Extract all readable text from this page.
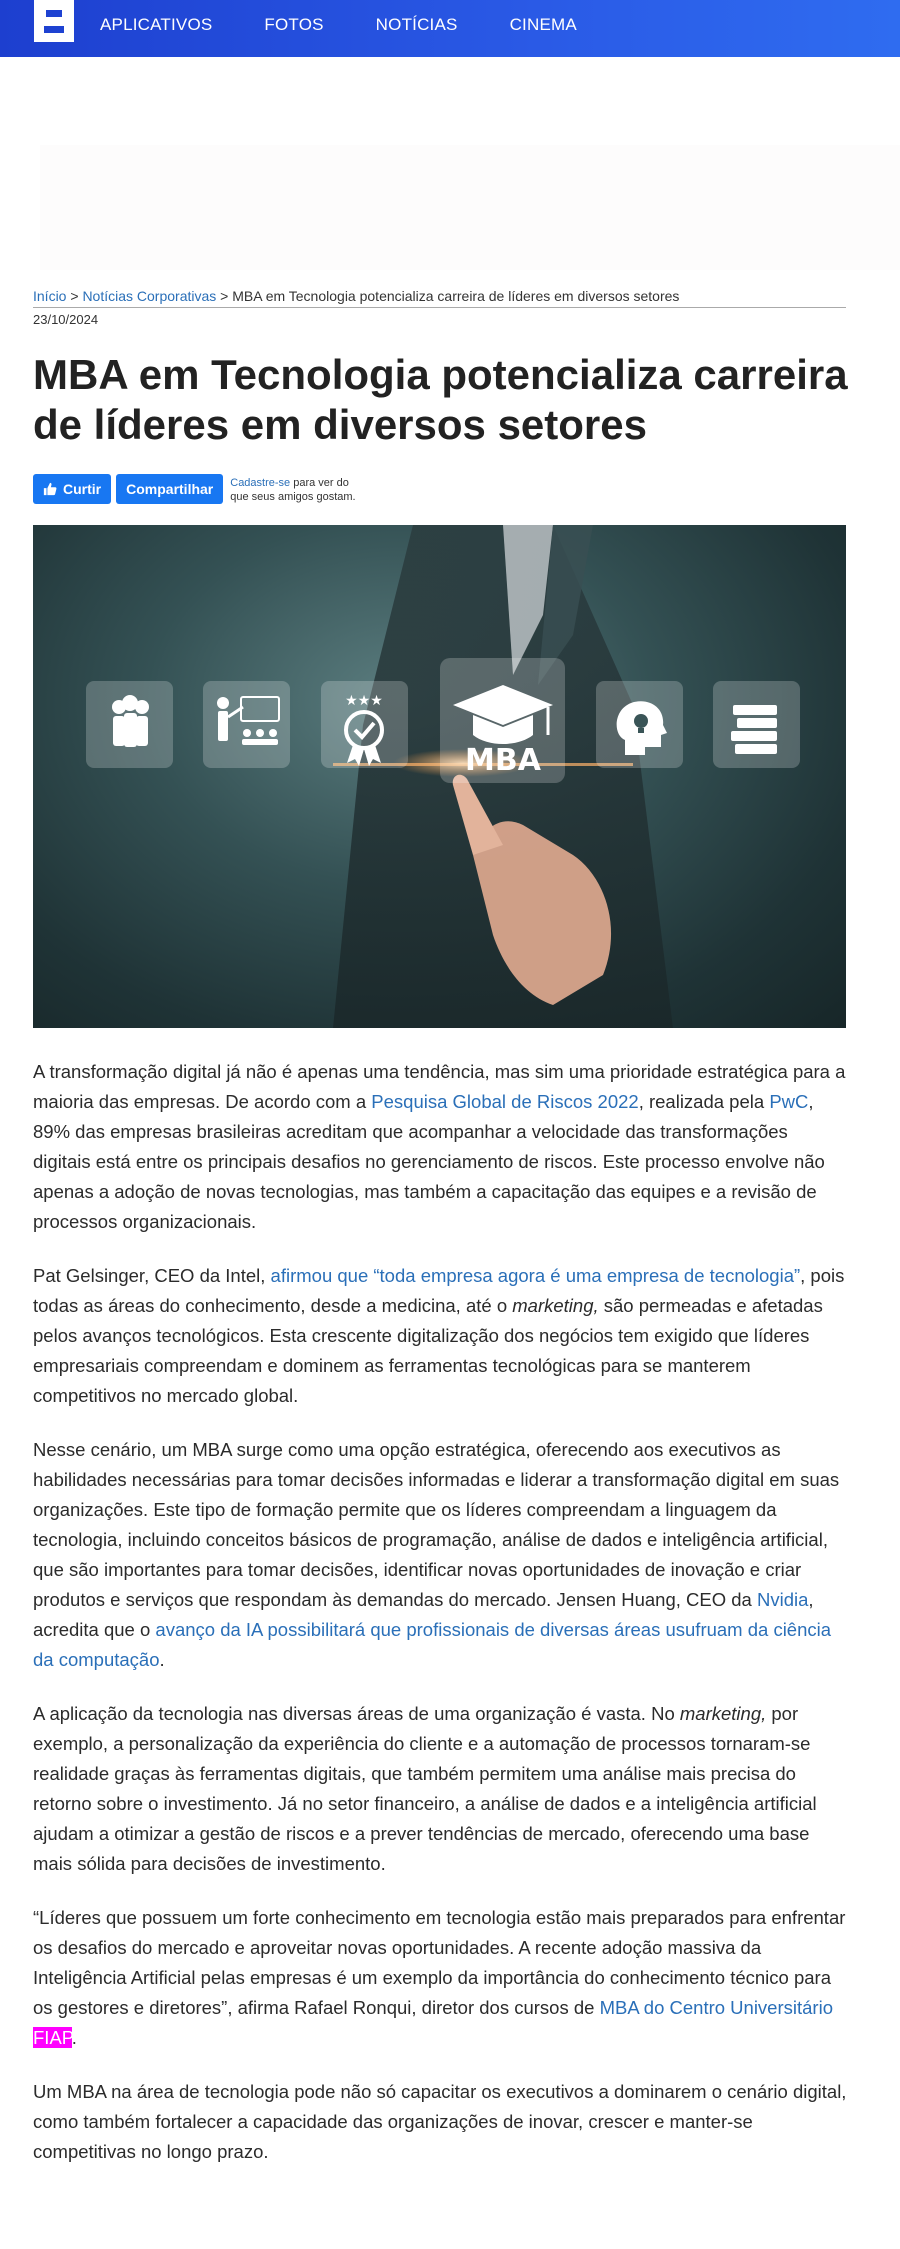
APLICATIVOS	FOTOS	NOTÍCIAS	CINEMA
Início > Notícias Corporativas > MBA em Tecnologia potencializa carreira de líderes em diversos setores
23/10/2024
MBA em Tecnologia potencializa carreira de líderes em diversos setores
Curtir Compartilhar Cadastre-se para ver do que seus amigos gostam.
★★★
MBA

A transformação digital já não é apenas uma tendência, mas sim uma prioridade estratégica para a maioria das empresas. De acordo com a Pesquisa Global de Riscos 2022, realizada pela PwC, 89% das empresas brasileiras acreditam que acompanhar a velocidade das transformações digitais está entre os principais desafios no gerenciamento de riscos. Este processo envolve não apenas a adoção de novas tecnologias, mas também a capacitação das equipes e a revisão de processos organizacionais.

Pat Gelsinger, CEO da Intel, afirmou que “toda empresa agora é uma empresa de tecnologia”, pois todas as áreas do conhecimento, desde a medicina, até o marketing, são permeadas e afetadas pelos avanços tecnológicos. Esta crescente digitalização dos negócios tem exigido que líderes empresariais compreendam e dominem as ferramentas tecnológicas para se manterem competitivos no mercado global.

Nesse cenário, um MBA surge como uma opção estratégica, oferecendo aos executivos as habilidades necessárias para tomar decisões informadas e liderar a transformação digital em suas organizações. Este tipo de formação permite que os líderes compreendam a linguagem da tecnologia, incluindo conceitos básicos de programação, análise de dados e inteligência artificial, que são importantes para tomar decisões, identificar novas oportunidades de inovação e criar produtos e serviços que respondam às demandas do mercado. Jensen Huang, CEO da Nvidia, acredita que o avanço da IA possibilitará que profissionais de diversas áreas usufruam da ciência da computação.

A aplicação da tecnologia nas diversas áreas de uma organização é vasta. No marketing, por exemplo, a personalização da experiência do cliente e a automação de processos tornaram-se realidade graças às ferramentas digitais, que também permitem uma análise mais precisa do retorno sobre o investimento. Já no setor financeiro, a análise de dados e a inteligência artificial ajudam a otimizar a gestão de riscos e a prever tendências de mercado, oferecendo uma base mais sólida para decisões de investimento.

“Líderes que possuem um forte conhecimento em tecnologia estão mais preparados para enfrentar os desafios do mercado e aproveitar novas oportunidades. A recente adoção massiva da Inteligência Artificial pelas empresas é um exemplo da importância do conhecimento técnico para os gestores e diretores”, afirma Rafael Ronqui, diretor dos cursos de MBA do Centro Universitário FIAP.

Um MBA na área de tecnologia pode não só capacitar os executivos a dominarem o cenário digital, como também fortalecer a capacidade das organizações de inovar, crescer e manter-se competitivas no longo prazo.
